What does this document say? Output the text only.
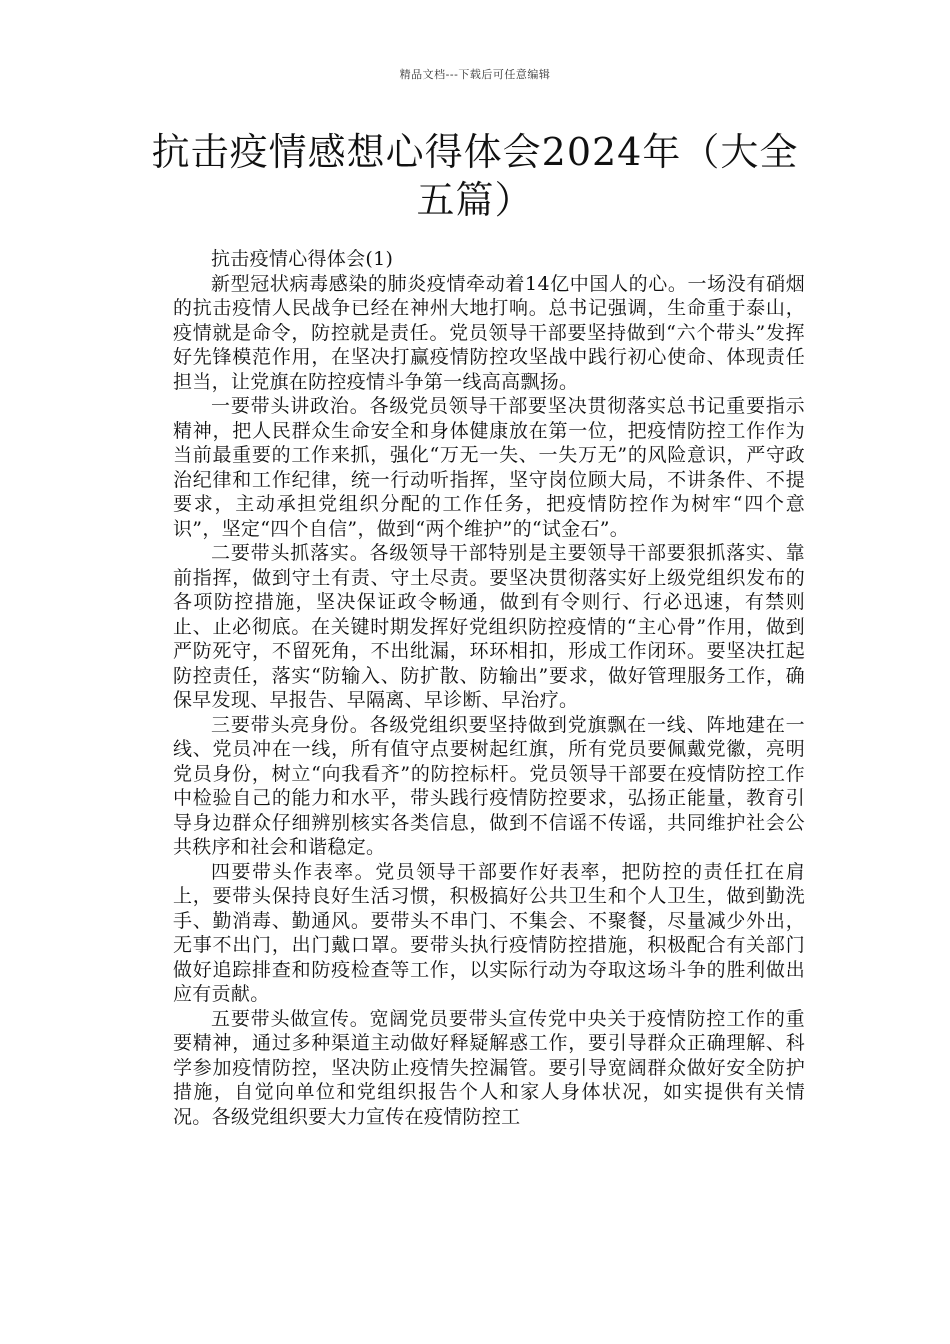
精品文档---下载后可任意编辑
抗击疫情感想心得体会2024年（大全五篇）

抗击疫情心得体会(1)

新型冠状病毒感染的肺炎疫情牵动着14亿中国人的心。一场没有硝烟的抗击疫情人民战争已经在神州大地打响。总书记强调，生命重于泰山，疫情就是命令，防控就是责任。党员领导干部要坚持做到“六个带头”发挥好先锋模范作用，在坚决打赢疫情防控攻坚战中践行初心使命、体现责任担当，让党旗在防控疫情斗争第一线高高飘扬。

一要带头讲政治。各级党员领导干部要坚决贯彻落实总书记重要指示精神，把人民群众生命安全和身体健康放在第一位，把疫情防控工作作为当前最重要的工作来抓，强化“万无一失、一失万无”的风险意识，严守政治纪律和工作纪律，统一行动听指挥，坚守岗位顾大局，不讲条件、不提要求，主动承担党组织分配的工作任务，把疫情防控作为树牢“四个意识”，坚定“四个自信”，做到“两个维护”的“试金石”。

二要带头抓落实。各级领导干部特别是主要领导干部要狠抓落实、靠前指挥，做到守土有责、守土尽责。要坚决贯彻落实好上级党组织发布的各项防控措施，坚决保证政令畅通，做到有令则行、行必迅速，有禁则止、止必彻底。在关键时期发挥好党组织防控疫情的“主心骨”作用，做到严防死守，不留死角，不出纰漏，环环相扣，形成工作闭环。要坚决扛起防控责任，落实“防输入、防扩散、防输出”要求，做好管理服务工作，确保早发现、早报告、早隔离、早诊断、早治疗。

三要带头亮身份。各级党组织要坚持做到党旗飘在一线、阵地建在一线、党员冲在一线，所有值守点要树起红旗，所有党员要佩戴党徽，亮明党员身份，树立“向我看齐”的防控标杆。党员领导干部要在疫情防控工作中检验自己的能力和水平，带头践行疫情防控要求，弘扬正能量，教育引导身边群众仔细辨别核实各类信息，做到不信谣不传谣，共同维护社会公共秩序和社会和谐稳定。

四要带头作表率。党员领导干部要作好表率，把防控的责任扛在肩上，要带头保持良好生活习惯，积极搞好公共卫生和个人卫生，做到勤洗手、勤消毒、勤通风。要带头不串门、不集会、不聚餐，尽量减少外出，无事不出门，出门戴口罩。要带头执行疫情防控措施，积极配合有关部门做好追踪排查和防疫检查等工作，以实际行动为夺取这场斗争的胜利做出应有贡献。

五要带头做宣传。宽阔党员要带头宣传党中央关于疫情防控工作的重要精神，通过多种渠道主动做好释疑解惑工作，要引导群众正确理解、科学参加疫情防控，坚决防止疫情失控漏管。要引导宽阔群众做好安全防护措施，自觉向单位和党组织报告个人和家人身体状况，如实提供有关情况。各级党组织要大力宣传在疫情防控工
